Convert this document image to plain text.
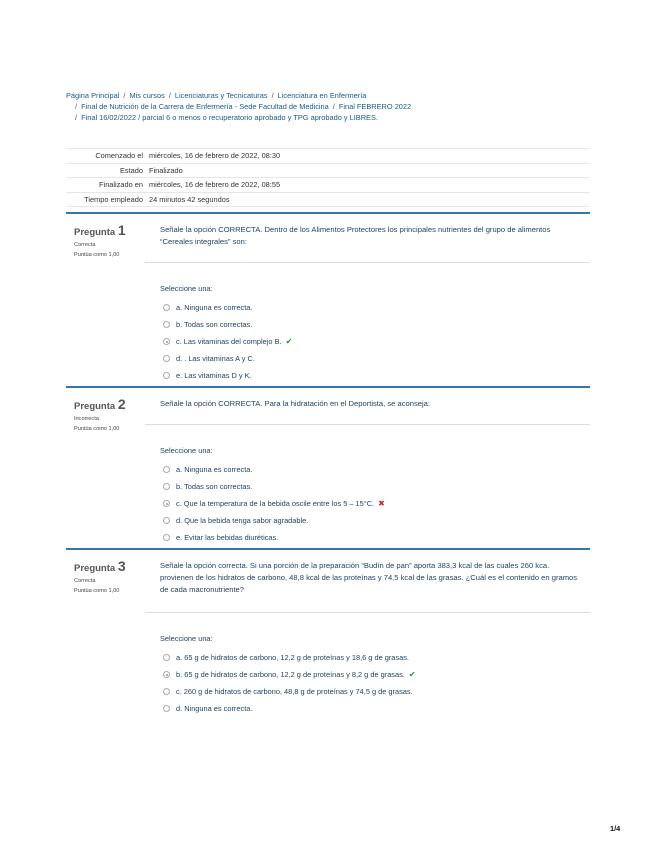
Página Principal / Mis cursos / Licenciaturas y Tecnicaturas / Licenciatura en Enfermería
/ Final de Nutrición de la Carrera de Enfermería - Sede Facultad de Medicina / Final FEBRERO 2022
/ Final 16/02/2022 / parcial 6 o menos o recuperatorio aprobado y TPG aprobado y LIBRES.
Comenzado el	miércoles, 16 de febrero de 2022, 08:30
Estado	Finalizado
Finalizado en	miércoles, 16 de febrero de 2022, 08:55
Tiempo empleado	24 minutos 42 segundos
Pregunta 1
Correcta
Puntúa como 1,00
Señale la opción CORRECTA. Dentro de los Alimentos Protectores los principales nutrientes del grupo de alimentos “Cereales integrales” son:
Seleccione una:
a. Ninguna es correcta.
b. Todas son correctas.
c. Las vitaminas del complejo B. ✔
d. . Las vitaminas A y C.
e. Las vitaminas D y K.
Pregunta 2
Incorrecta
Puntúa como 1,00
Señale la opción CORRECTA. Para la hidratación en el Deportista, se aconseja:
Seleccione una:
a. Ninguna es correcta.
b. Todas son correctas.
c. Que la temperatura de la bebida oscile entre los 5 – 15°C. ✖
d. Que la bebida tenga sabor agradable.
e. Evitar las bebidas diuréticas.
Pregunta 3
Correcta
Puntúa como 1,00
Señale la opción correcta. Si una porción de la preparación “Budín de pan” aporta 383,3 kcal de las cuales 260 kca. provienen de los hidratos de carbono, 48,8 kcal de las proteínas y 74,5 kcal de las grasas. ¿Cuál es el contenido en gramos de cada macronutriente?
Seleccione una:
a. 65 g de hidratos de carbono, 12,2 g de proteínas y 18,6 g de grasas.
b. 65 g de hidratos de carbono, 12,2 g de proteínas y 8,2 g de grasas. ✔
c. 260 g de hidratos de carbono, 48,8 g de proteínas y 74,5 g de grasas.
d. Ninguna es correcta.
1/4
